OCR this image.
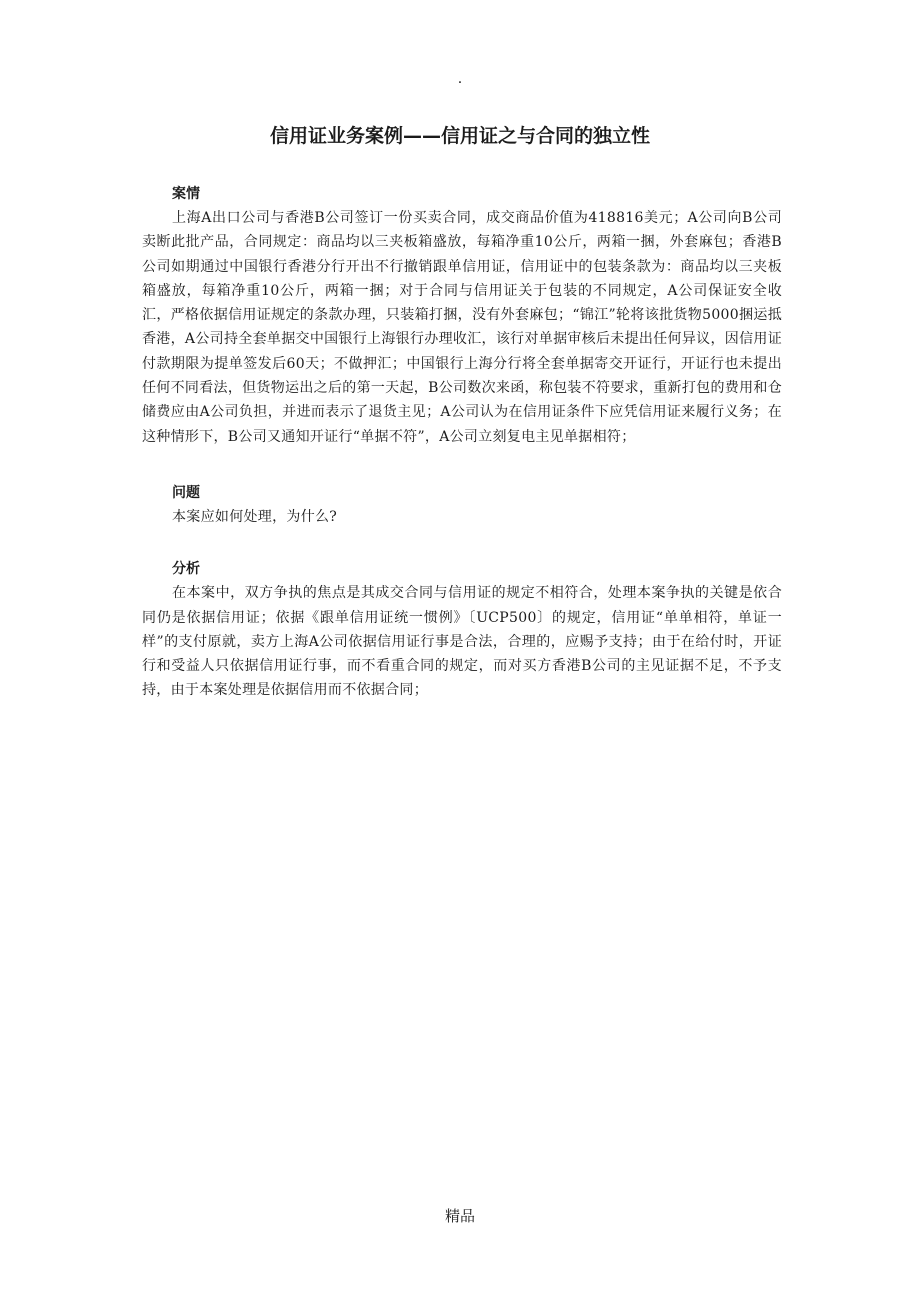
.
信用证业务案例——信用证之与合同的独立性
案情

上海A出口公司与香港B公司签订一份买卖合同，成交商品价值为418816美元；A公司向B公司卖断此批产品，合同规定：商品均以三夹板箱盛放，每箱净重10公斤，两箱一捆，外套麻包；香港B公司如期通过中国银行香港分行开出不行撤销跟单信用证，信用证中的包装条款为：商品均以三夹板箱盛放，每箱净重10公斤，两箱一捆；对于合同与信用证关于包装的不同规定，A公司保证安全收汇，严格依据信用证规定的条款办理，只装箱打捆，没有外套麻包；“锦江”轮将该批货物5000捆运抵香港，A公司持全套单据交中国银行上海银行办理收汇，该行对单据审核后未提出任何异议，因信用证付款期限为提单签发后60天；不做押汇；中国银行上海分行将全套单据寄交开证行，开证行也未提出任何不同看法，但货物运出之后的第一天起，B公司数次来函，称包装不符要求，重新打包的费用和仓储费应由A公司负担，并进而表示了退货主见；A公司认为在信用证条件下应凭信用证来履行义务；在这种情形下，B公司又通知开证行“单据不符”，A公司立刻复电主见单据相符；

问题

本案应如何处理，为什么?

分析

在本案中，双方争执的焦点是其成交合同与信用证的规定不相符合，处理本案争执的关键是依合同仍是依据信用证；依据《跟单信用证统一惯例》〔UCP500〕的规定，信用证“单单相符，单证一样”的支付原就，卖方上海A公司依据信用证行事是合法，合理的，应赐予支持；由于在给付时，开证行和受益人只依据信用证行事，而不看重合同的规定，而对买方香港B公司的主见证据不足，不予支持，由于本案处理是依据信用而不依据合同；

精品
